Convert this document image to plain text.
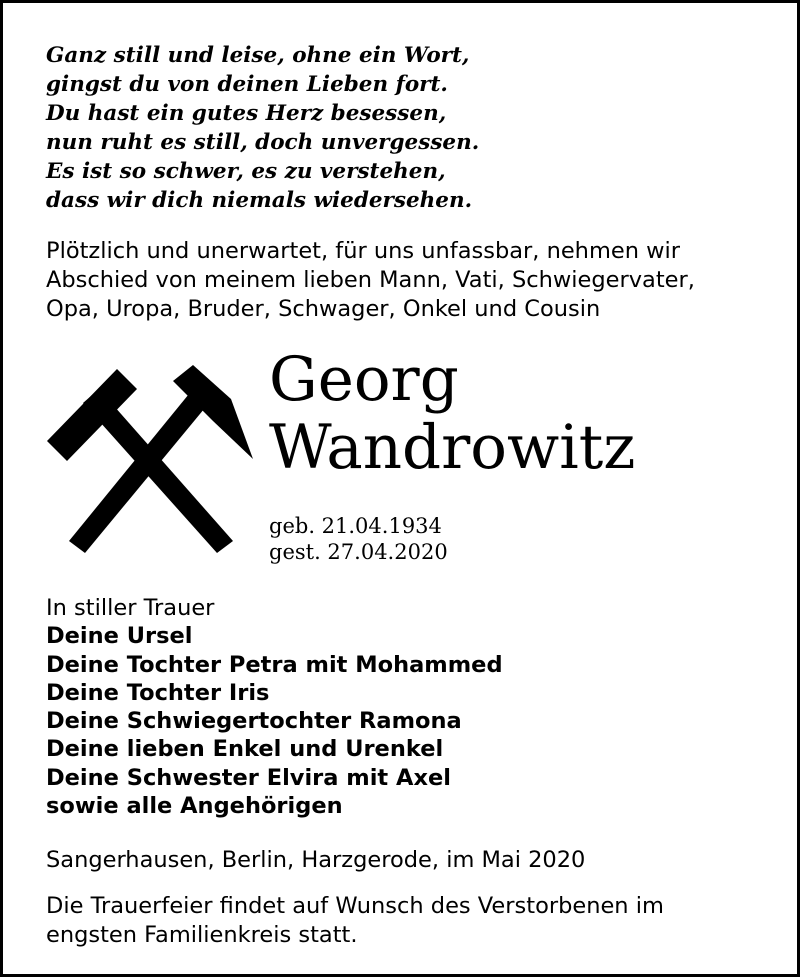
Ganz still und leise, ohne ein Wort,
gingst du von deinen Lieben fort.
Du hast ein gutes Herz besessen,
nun ruht es still, doch unvergessen.
Es ist so schwer, es zu verstehen,
dass wir dich niemals wiedersehen.
Plötzlich und unerwartet, für uns unfassbar, nehmen wir
Abschied von meinem lieben Mann, Vati, Schwiegervater,
Opa, Uropa, Bruder, Schwager, Onkel und Cousin
Georg
Wandrowitz
geb. 21.04.1934
gest. 27.04.2020
In stiller Trauer
Deine Ursel
Deine Tochter Petra mit Mohammed
Deine Tochter Iris
Deine Schwiegertochter Ramona
Deine lieben Enkel und Urenkel
Deine Schwester Elvira mit Axel
sowie alle Angehörigen
Sangerhausen, Berlin, Harzgerode, im Mai 2020
Die Trauerfeier findet auf Wunsch des Verstorbenen im
engsten Familienkreis statt.
